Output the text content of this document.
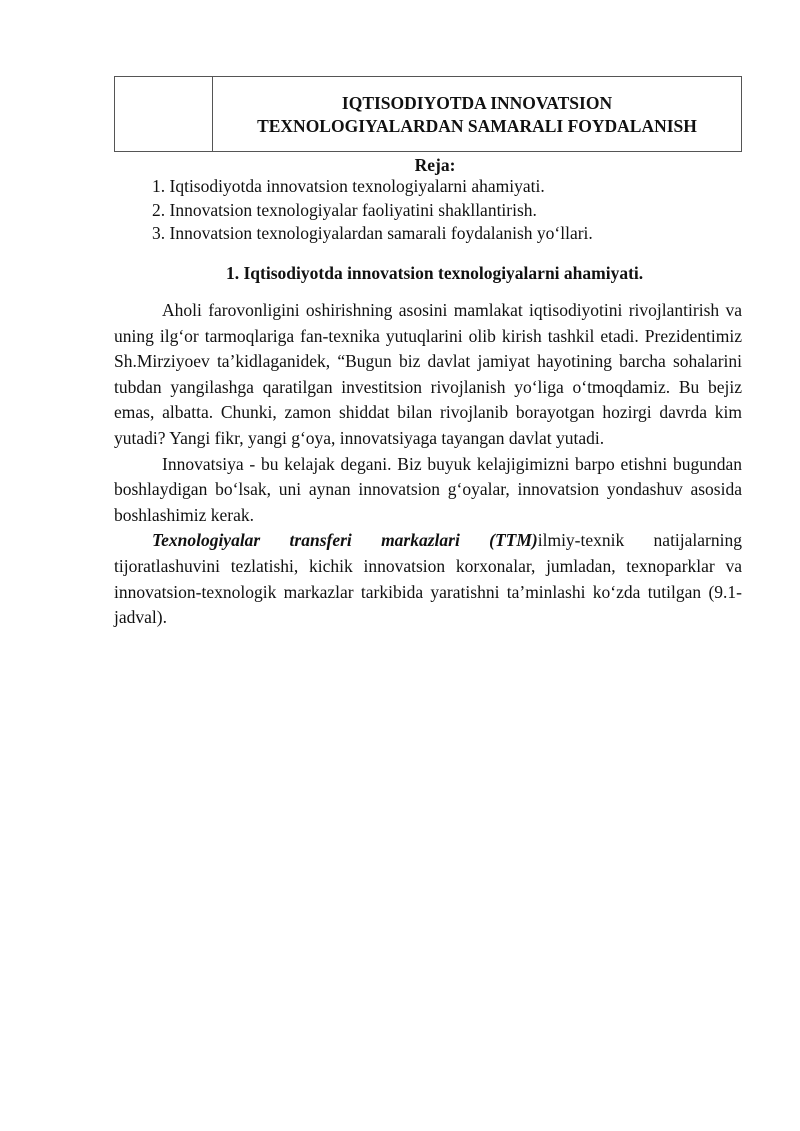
IQTISODIYOTDA INNOVATSION
TEXNOLOGIYALARDAN SAMARALI FOYDALANISH
Reja:
1. Iqtisodiyotda innovatsion texnologiyalarni ahamiyati.
2. Innovatsion texnologiyalar faoliyatini shakllantirish.
3. Innovatsion texnologiyalardan samarali foydalanish yo‘llari.
1. Iqtisodiyotda innovatsion texnologiyalarni ahamiyati.

Aholi farovonligini oshirishning asosini mamlakat iqtisodiyotini rivojlantirish va uning ilg‘or tarmoqlariga fan-texnika yutuqlarini olib kirish tashkil etadi. Prezidentimiz Sh.Mirziyoev ta’kidlaganidek, “Bugun biz davlat jamiyat hayotining barcha sohalarini tubdan yangilashga qaratilgan investitsion rivojlanish yo‘liga o‘tmoqdamiz. Bu bejiz emas, albatta. Chunki, zamon shiddat bilan rivojlanib borayotgan hozirgi davrda kim yutadi? Yangi fikr, yangi g‘oya, innovatsiyaga tayangan davlat yutadi.

Innovatsiya - bu kelajak degani. Biz buyuk kelajigimizni barpo etishni bugundan boshlaydigan bo‘lsak, uni aynan innovatsion g‘oyalar, innovatsion yondashuv asosida boshlashimiz kerak.

Texnologiyalar transferi markazlari (TTM)ilmiy-texnik natijalarning tijoratlashuvini tezlatishi, kichik innovatsion korxonalar, jumladan, texnoparklar va innovatsion-texnologik markazlar tarkibida yaratishni ta’minlashi ko‘zda tutilgan (9.1-jadval).
